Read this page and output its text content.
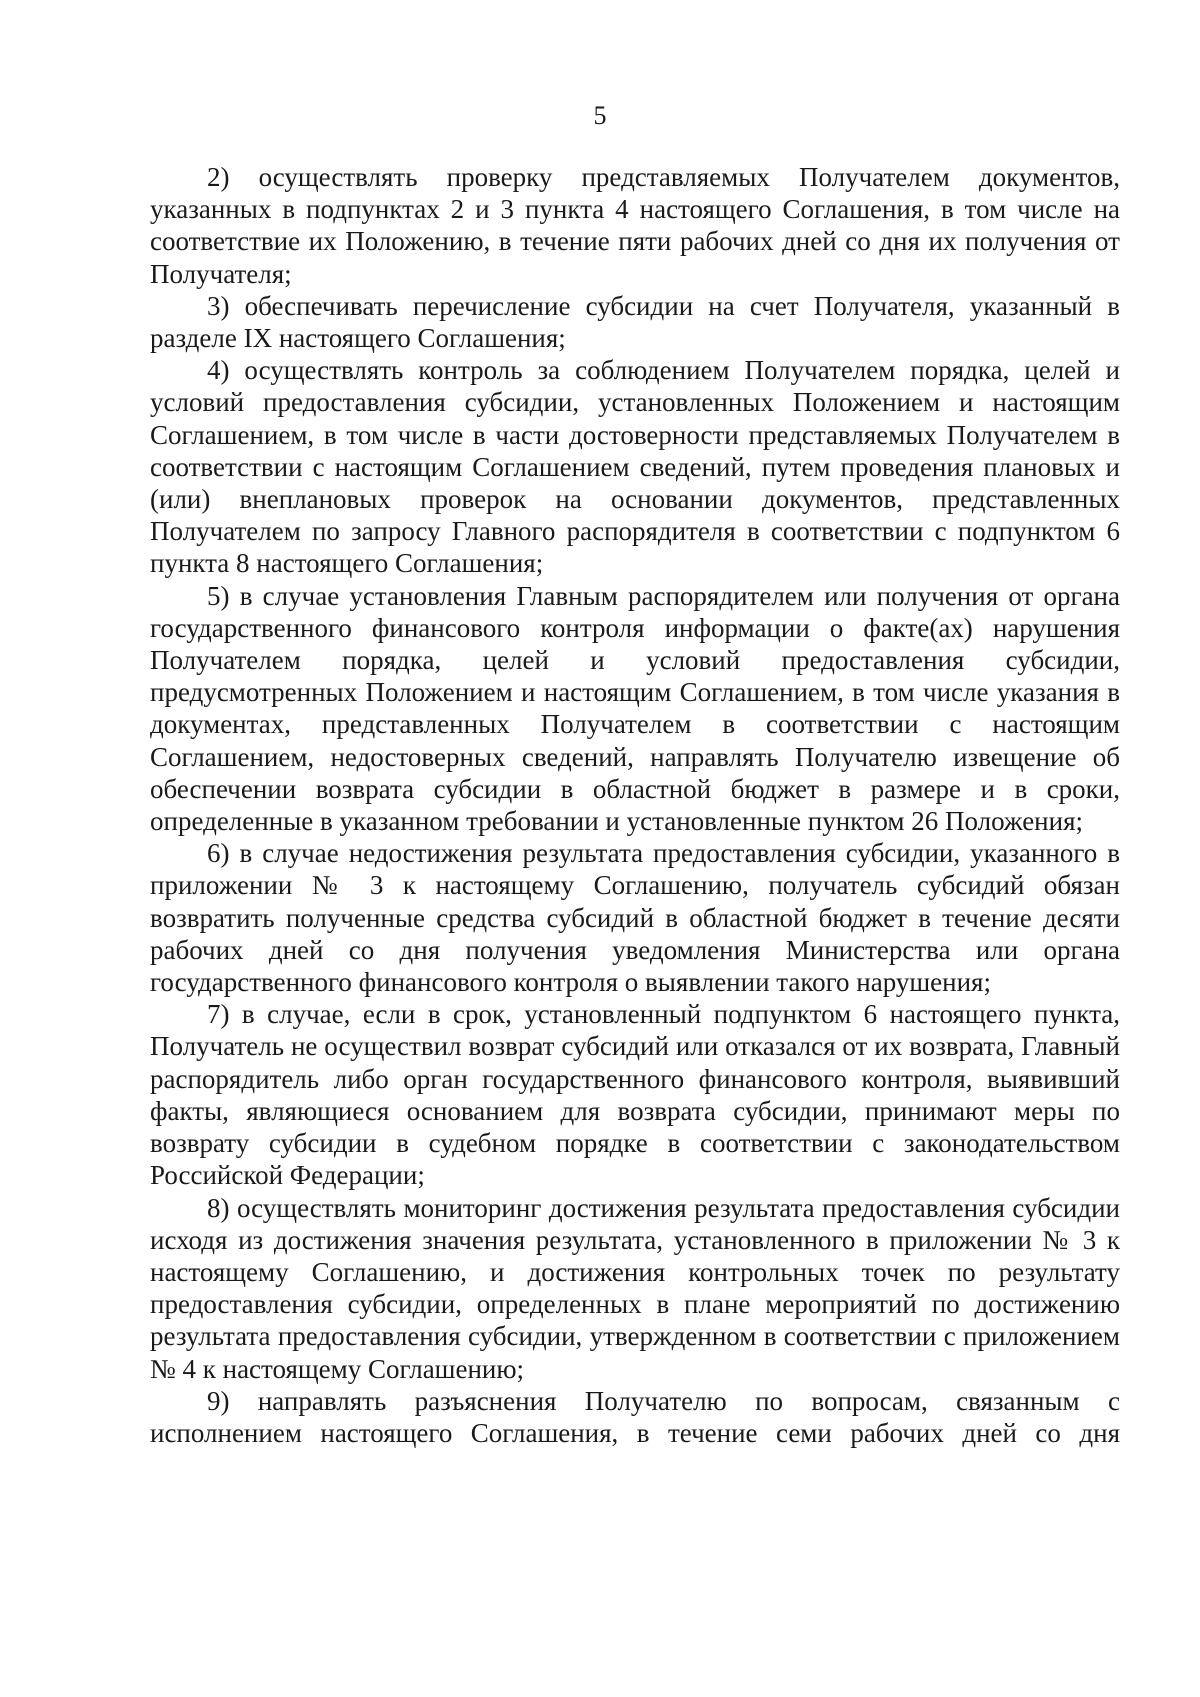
5

2) осуществлять проверку представляемых Получателем документов, указанных в подпунктах 2 и 3 пункта 4 настоящего Соглашения, в том числе на соответствие их Положению, в течение пяти рабочих дней со дня их получения от Получателя;

3) обеспечивать перечисление субсидии на счет Получателя, указанный в разделе IX настоящего Соглашения;

4) осуществлять контроль за соблюдением Получателем порядка, целей и условий предоставления субсидии, установленных Положением и настоящим Соглашением, в том числе в части достоверности представляемых Получателем в соответствии с настоящим Соглашением сведений, путем проведения плановых и (или) внеплановых проверок на основании документов, представленных Получателем по запросу Главного распорядителя в соответствии с подпунктом 6 пункта 8 настоящего Соглашения;

5) в случае установления Главным распорядителем или получения от органа государственного финансового контроля информации о факте(ах) нарушения Получателем порядка, целей и условий предоставления субсидии, предусмотренных Положением и настоящим Соглашением, в том числе указания в документах, представленных Получателем в соответствии с настоящим Соглашением, недостоверных сведений, направлять Получателю извещение об обеспечении возврата субсидии в областной бюджет в размере и в сроки, определенные в указанном требовании и установленные пунктом 26 Положения;

6) в случае недостижения результата предоставления субсидии, указанного в приложении № 3 к настоящему Соглашению, получатель субсидий обязан возвратить полученные средства субсидий в областной бюджет в течение десяти рабочих дней со дня получения уведомления Министерства или органа государственного финансового контроля о выявлении такого нарушения;

7) в случае, если в срок, установленный подпунктом 6 настоящего пункта, Получатель не осуществил возврат субсидий или отказался от их возврата, Главный распорядитель либо орган государственного финансового контроля, выявивший факты, являющиеся основанием для возврата субсидии, принимают меры по возврату субсидии в судебном порядке в соответствии с законодательством Российской Федерации;

8) осуществлять мониторинг достижения результата предоставления субсидии исходя из достижения значения результата, установленного в приложении № 3 к настоящему Соглашению, и достижения контрольных точек по результату предоставления субсидии, определенных в плане мероприятий по достижению результата предоставления субсидии, утвержденном в соответствии с приложением № 4 к настоящему Соглашению;

9) направлять разъяснения Получателю по вопросам, связанным с исполнением настоящего Соглашения, в течение семи рабочих дней со дня
